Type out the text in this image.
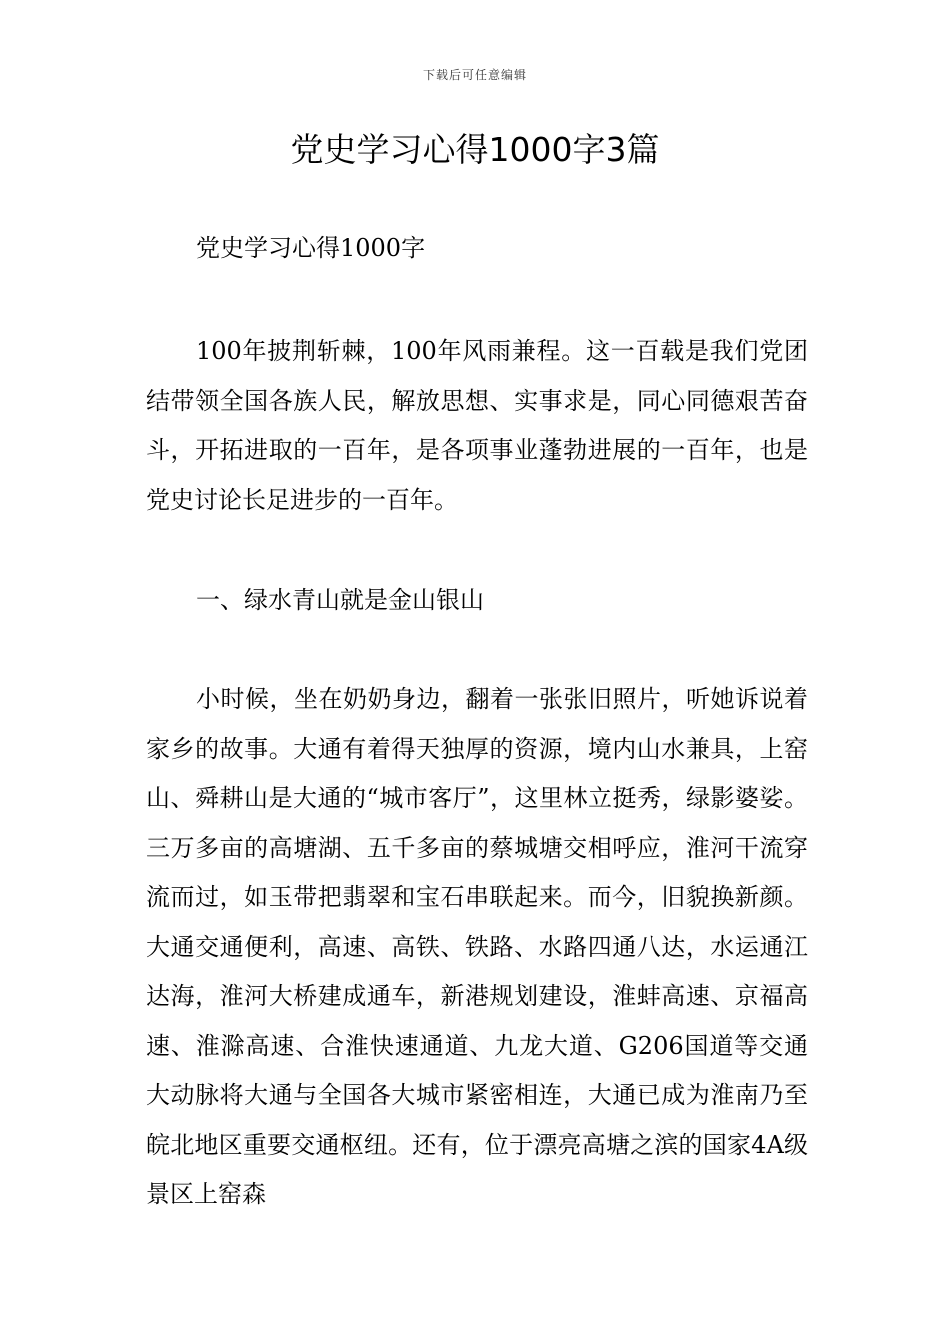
下载后可任意编辑
党史学习心得1000字3篇

党史学习心得1000字

100年披荆斩棘，100年风雨兼程。这一百载是我们党团结带领全国各族人民，解放思想、实事求是，同心同德艰苦奋斗，开拓进取的一百年，是各项事业蓬勃进展的一百年，也是党史讨论长足进步的一百年。

一、绿水青山就是金山银山

小时候，坐在奶奶身边，翻着一张张旧照片，听她诉说着家乡的故事。大通有着得天独厚的资源，境内山水兼具，上窑山、舜耕山是大通的“城市客厅”，这里林立挺秀，绿影婆娑。三万多亩的高塘湖、五千多亩的蔡城塘交相呼应，淮河干流穿流而过，如玉带把翡翠和宝石串联起来。而今，旧貌换新颜。大通交通便利，高速、高铁、铁路、水路四通八达，水运通江达海，淮河大桥建成通车，新港规划建设，淮蚌高速、京福高速、淮滁高速、合淮快速通道、九龙大道、G206国道等交通大动脉将大通与全国各大城市紧密相连，大通已成为淮南乃至皖北地区重要交通枢纽。还有，位于漂亮高塘之滨的国家4A级景区上窑森
